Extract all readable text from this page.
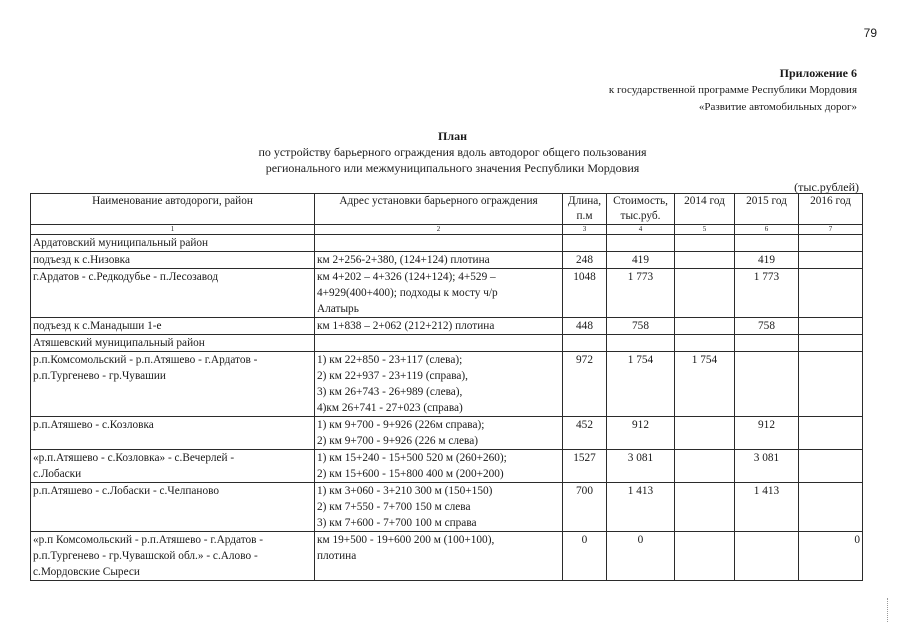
79
Приложение 6
к государственной программе Республики Мордовия
«Развитие автомобильных дорог»
План
по устройству барьерного ограждения вдоль автодорог общего пользования
регионального или межмуниципального значения Республики Мордовия
(тыс.рублей)
Наименование автодороги, район	Адрес установки барьерного ограждения	Длина,
п.м	Стоимость,
тыс.руб.	2014 год	2015 год	2016 год
1	2	3	4	5	6	7

Ардатовский муниципальный район						

подъезд к с.Низовка	км 2+256-2+380, (124+124) плотина	248	419		419	

г.Ардатов - с.Редкодубье - п.Лесозавод	км 4+202 – 4+326 (124+124); 4+529 –
4+929(400+400); подходы к мосту ч/р
Алатырь	1048	1 773		1 773	

подъезд к с.Манадыши 1-е	км 1+838 – 2+062 (212+212) плотина	448	758		758	

Атяшевский муниципальный район						

р.п.Комсомольский - р.п.Атяшево - г.Ардатов -
р.п.Тургенево - гр.Чувашии	1) км 22+850 - 23+117 (слева);
2) км 22+937 - 23+119 (справа),
3) км 26+743 - 26+989 (слева),
4)км 26+741 - 27+023 (справа)	972	1 754	1 754		

р.п.Атяшево - с.Козловка	1) км 9+700 - 9+926 (226м справа);
2) км 9+700 - 9+926 (226 м слева)	452	912		912	

«р.п.Атяшево - с.Козловка» - с.Вечерлей -
с.Лобаски	1) км 15+240 - 15+500 520 м (260+260);
2) км 15+600 - 15+800 400 м (200+200)	1527	3 081		3 081	

р.п.Атяшево - с.Лобаски - с.Челпаново	1) км 3+060 - 3+210 300 м (150+150)
2) км 7+550 - 7+700 150 м слева
3) км 7+600 - 7+700 100 м справа	700	1 413		1 413	

«р.п Комсомольский - р.п.Атяшево - г.Ардатов -
р.п.Тургенево - гр.Чувашской обл.» - с.Алово -
с.Мордовские Сыреси	км 19+500 - 19+600 200 м (100+100),
плотина	0	0			0
